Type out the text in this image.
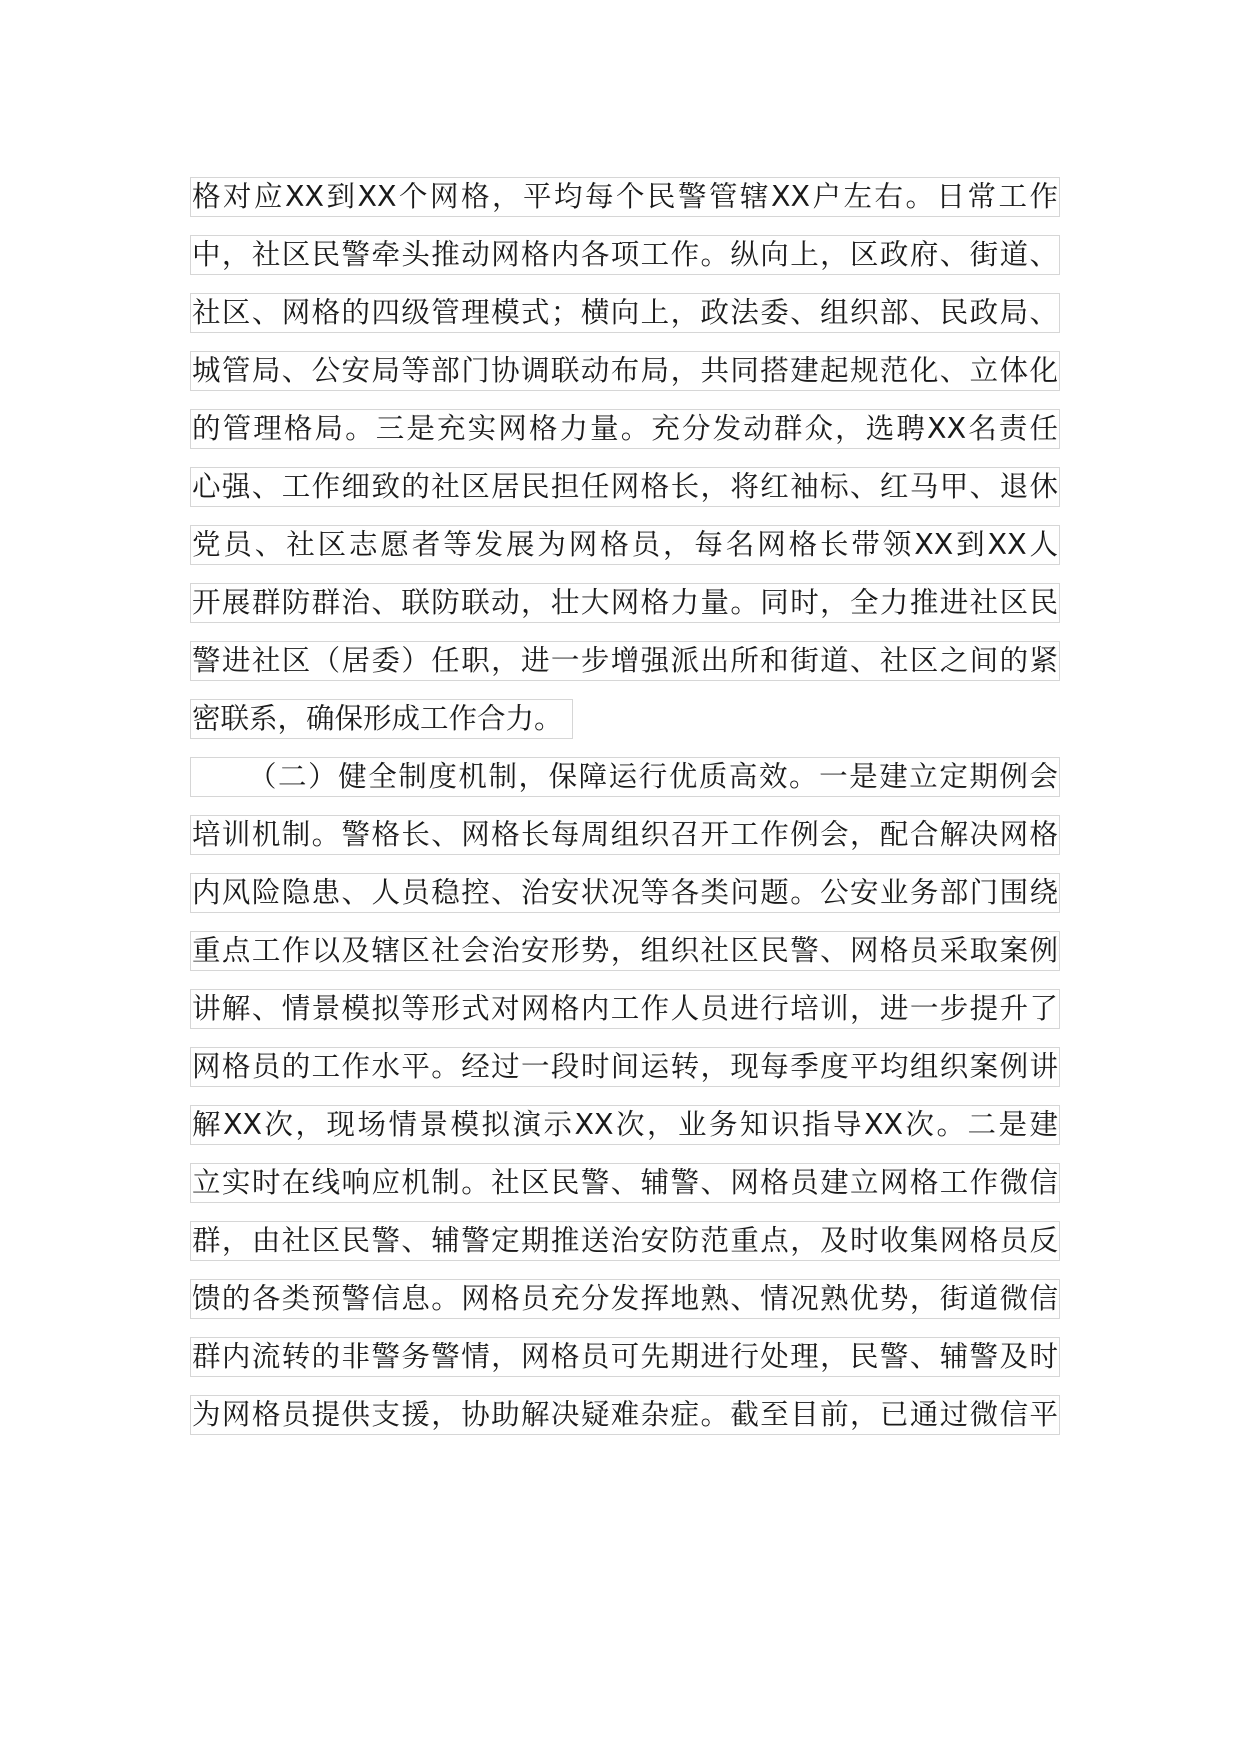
格对应XX到XX个网格，平均每个民警管辖XX户左右。日常工作
中，社区民警牵头推动网格内各项工作。纵向上，区政府、街道、
社区、网格的四级管理模式；横向上，政法委、组织部、民政局、
城管局、公安局等部门协调联动布局，共同搭建起规范化、立体化
的管理格局。三是充实网格力量。充分发动群众，选聘XX名责任
心强、工作细致的社区居民担任网格长，将红袖标、红马甲、退休
党员、社区志愿者等发展为网格员，每名网格长带领XX到XX人
开展群防群治、联防联动，壮大网格力量。同时，全力推进社区民
警进社区（居委）任职，进一步增强派出所和街道、社区之间的紧
密联系，确保形成工作合力。
（二）健全制度机制，保障运行优质高效。一是建立定期例会
培训机制。警格长、网格长每周组织召开工作例会，配合解决网格
内风险隐患、人员稳控、治安状况等各类问题。公安业务部门围绕
重点工作以及辖区社会治安形势，组织社区民警、网格员采取案例
讲解、情景模拟等形式对网格内工作人员进行培训，进一步提升了
网格员的工作水平。经过一段时间运转，现每季度平均组织案例讲
解XX次，现场情景模拟演示XX次，业务知识指导XX次。二是建
立实时在线响应机制。社区民警、辅警、网格员建立网格工作微信
群，由社区民警、辅警定期推送治安防范重点，及时收集网格员反
馈的各类预警信息。网格员充分发挥地熟、情况熟优势，街道微信
群内流转的非警务警情，网格员可先期进行处理，民警、辅警及时
为网格员提供支援，协助解决疑难杂症。截至目前，已通过微信平
